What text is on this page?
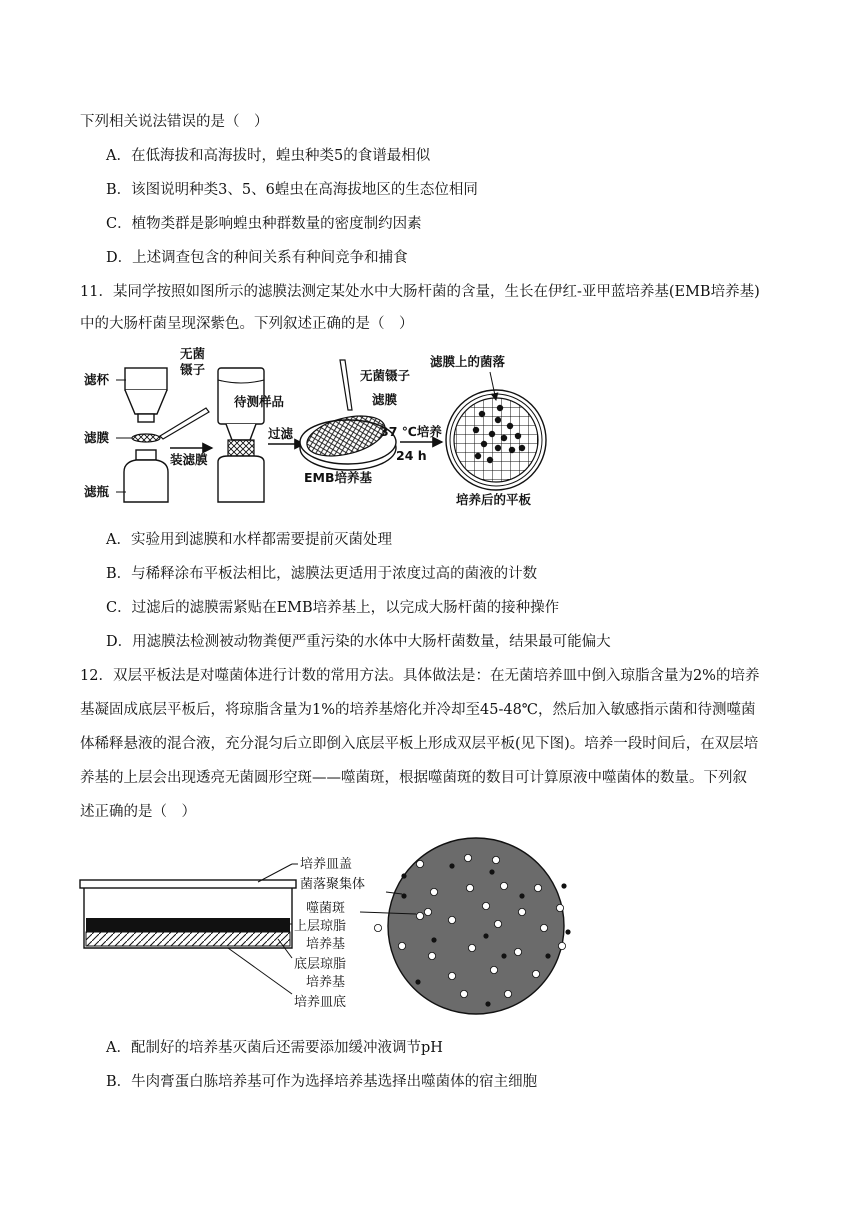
下列相关说法错误的是（　）
A．在低海拔和高海拔时，蝗虫种类5的食谱最相似
B．该图说明种类3、5、6蝗虫在高海拔地区的生态位相同
C．植物类群是影响蝗虫种群数量的密度制约因素
D．上述调查包含的种间关系有种间竞争和捕食
11．某同学按照如图所示的滤膜法测定某处水中大肠杆菌的含量，生长在伊红-亚甲蓝培养基(EMB培养基)
中的大肠杆菌呈现深紫色。下列叙述正确的是（　）
滤杯
滤膜
滤瓶
无菌
镊子
装滤膜
待测样品
过滤
无菌镊子
滤膜
EMB培养基
37 ℃培养
24 h
滤膜上的菌落
培养后的平板
A．实验用到滤膜和水样都需要提前灭菌处理
B．与稀释涂布平板法相比，滤膜法更适用于浓度过高的菌液的计数
C．过滤后的滤膜需紧贴在EMB培养基上，以完成大肠杆菌的接种操作
D．用滤膜法检测被动物粪便严重污染的水体中大肠杆菌数量，结果最可能偏大
12．双层平板法是对噬菌体进行计数的常用方法。具体做法是：在无菌培养皿中倒入琼脂含量为2%的培养
基凝固成底层平板后，将琼脂含量为1%的培养基熔化并冷却至45-48℃，然后加入敏感指示菌和待测噬菌
体稀释悬液的混合液，充分混匀后立即倒入底层平板上形成双层平板(见下图)。培养一段时间后，在双层培
养基的上层会出现透亮无菌圆形空斑——噬菌斑，根据噬菌斑的数目可计算原液中噬菌体的数量。下列叙
述正确的是（　）
培养皿盖
菌落聚集体
噬菌斑
上层琼脂
培养基
底层琼脂
培养基
培养皿底
A．配制好的培养基灭菌后还需要添加缓冲液调节pH
B．牛肉膏蛋白胨培养基可作为选择培养基选择出噬菌体的宿主细胞
